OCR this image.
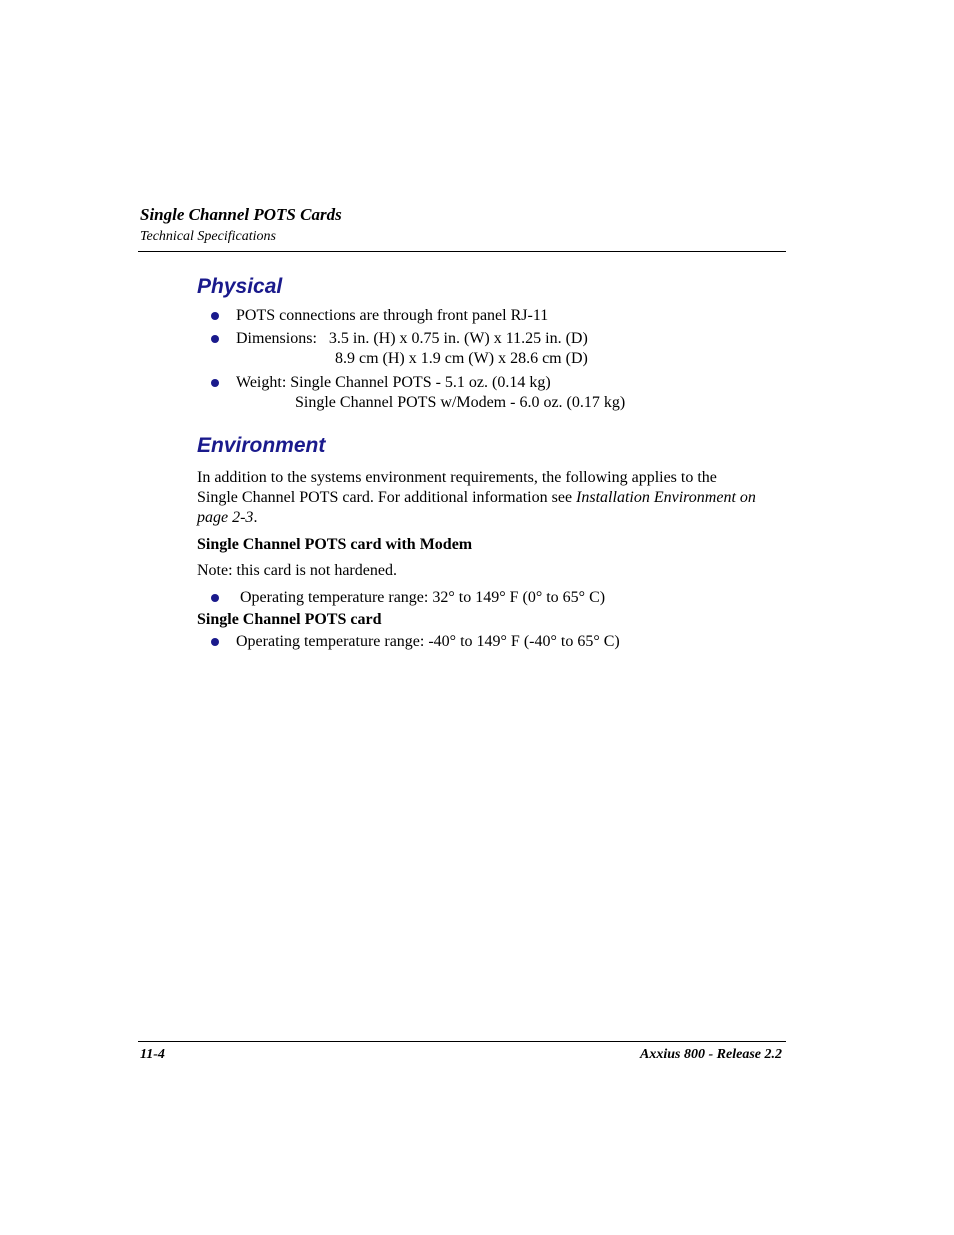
Single Channel POTS Cards
Technical Specifications
Physical
POTS connections are through front panel RJ-11
Dimensions:   3.5 in. (H) x 0.75 in. (W) x 11.25 in. (D)
8.9 cm (H) x 1.9 cm (W) x 28.6 cm (D)
Weight: Single Channel POTS - 5.1 oz. (0.14 kg)
Single Channel POTS w/Modem - 6.0 oz. (0.17 kg)
Environment
In addition to the systems environment requirements, the following applies to the
Single Channel POTS card. For additional information see Installation Environment on
page 2-3.
Single Channel POTS card with Modem
Note: this card is not hardened.
Operating temperature range: 32° to 149° F (0° to 65° C)
Single Channel POTS card
Operating temperature range: -40° to 149° F (-40° to 65° C)
11-4	Axxius 800 - Release 2.2
